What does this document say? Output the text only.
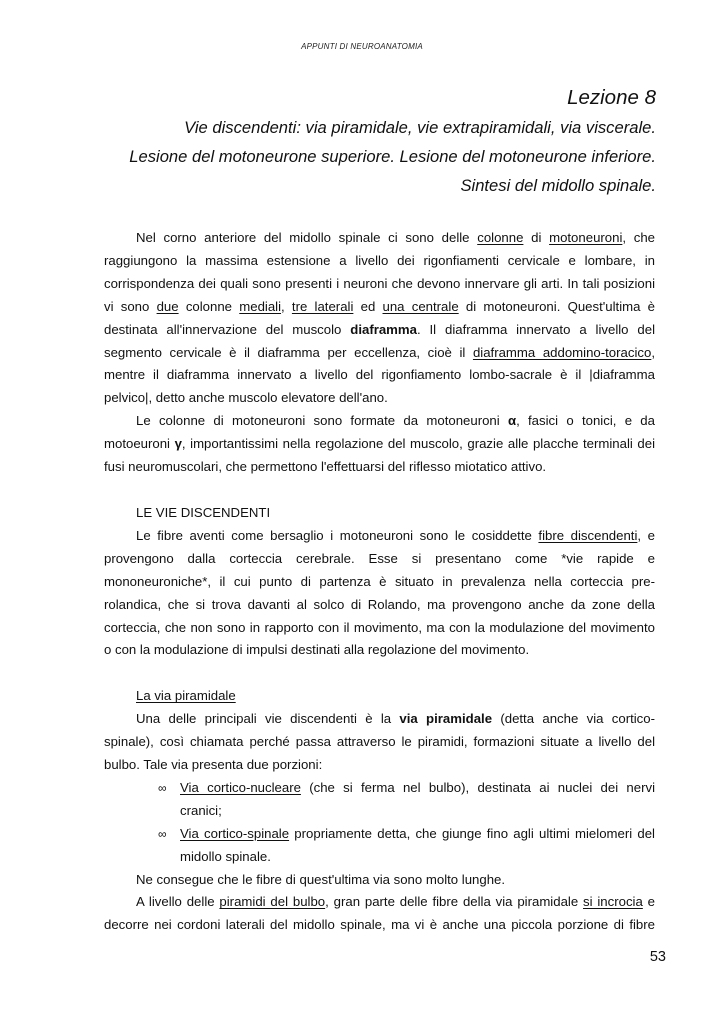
APPUNTI DI NEUROANATOMIA
Lezione 8
Vie discendenti: via piramidale, vie extrapiramidali, via viscerale.
Lesione del motoneurone superiore. Lesione del motoneurone inferiore.
Sintesi del midollo spinale.

Nel corno anteriore del midollo spinale ci sono delle colonne di motoneuroni, che

raggiungono la massima estensione a livello dei rigonfiamenti cervicale e lombare, in

corrispondenza dei quali sono presenti i neuroni che devono innervare gli arti. In tali posizioni

vi sono due colonne mediali, tre laterali ed una centrale di motoneuroni. Quest'ultima è

destinata all'innervazione del muscolo diaframma. Il diaframma innervato a livello del

segmento cervicale è il diaframma per eccellenza, cioè il diaframma addomino-toracico,

mentre il diaframma innervato a livello del rigonfiamento lombo-sacrale è il |diaframma

pelvico|, detto anche muscolo elevatore dell'ano.

Le colonne di motoneuroni sono formate da motoneuroni α, fasici o tonici, e da

motoeuroni γ, importantissimi nella regolazione del muscolo, grazie alle placche terminali dei

fusi neuromuscolari, che permettono l'effettuarsi del riflesso miotatico attivo.

LE VIE DISCENDENTI

Le fibre aventi come bersaglio i motoneuroni sono le cosiddette fibre discendenti, e

provengono dalla corteccia cerebrale. Esse si presentano come *vie rapide e

mononeuroniche*, il cui punto di partenza è situato in prevalenza nella corteccia pre-

rolandica, che si trova davanti al solco di Rolando, ma provengono anche da zone della

corteccia, che non sono in rapporto con il movimento, ma con la modulazione del movimento

o con la modulazione di impulsi destinati alla regolazione del movimento.

La via piramidale

Una delle principali vie discendenti è la via piramidale (detta anche via cortico-

spinale), così chiamata perché passa attraverso le piramidi, formazioni situate a livello del

bulbo. Tale via presenta due porzioni:

∞ Via cortico-nucleare (che si ferma nel bulbo), destinata ai nuclei dei nervi

cranici;

∞ Via cortico-spinale propriamente detta, che giunge fino agli ultimi mielomeri del

midollo spinale.

Ne consegue che le fibre di quest'ultima via sono molto lunghe.

A livello delle piramidi del bulbo, gran parte delle fibre della via piramidale si incrocia e

decorre nei cordoni laterali del midollo spinale, ma vi è anche una piccola porzione di fibre

53
